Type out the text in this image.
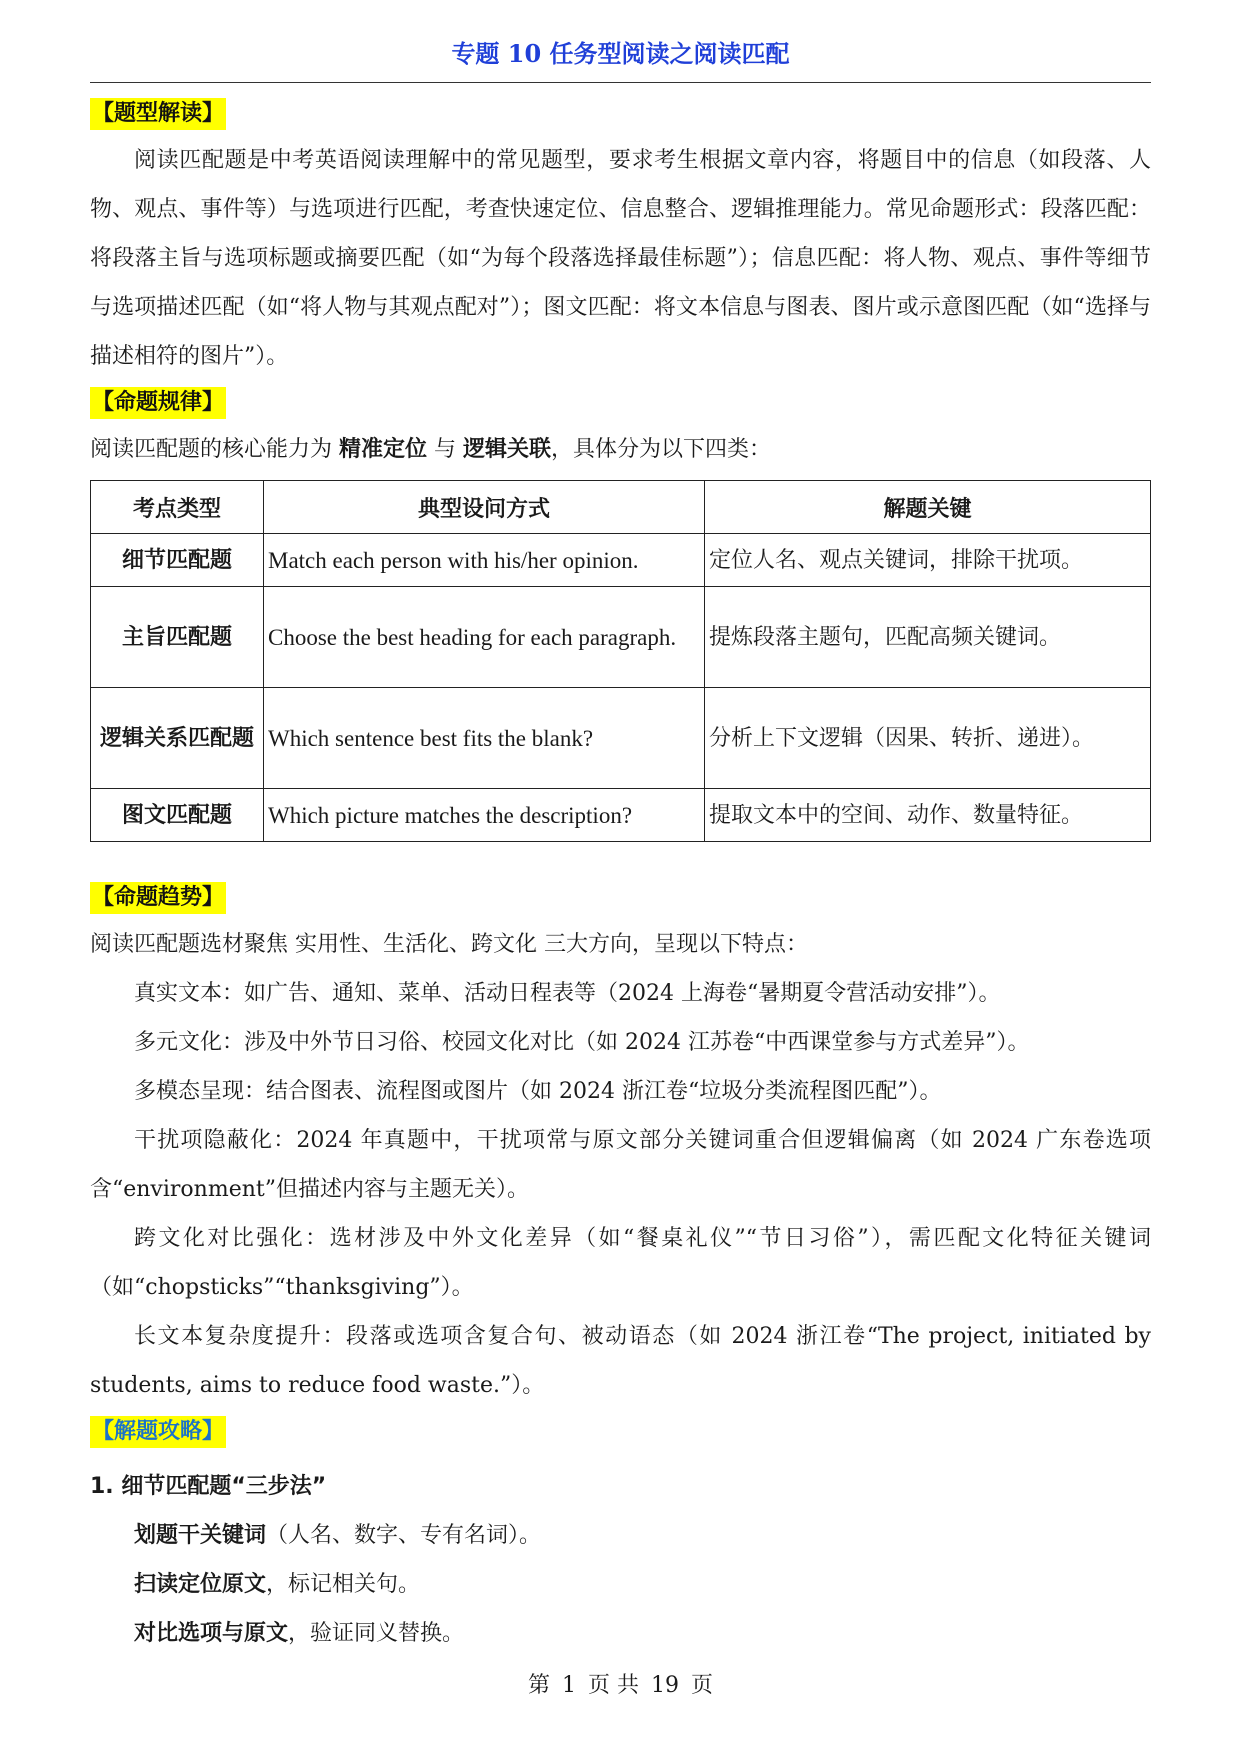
专题 10 任务型阅读之阅读匹配
【题型解读】

阅读匹配题是中考英语阅读理解中的常见题型，要求考生根据文章内容，将题目中的信息（如段落、人物、观点、事件等）与选项进行匹配，考查快速定位、信息整合、逻辑推理能力。常见命题形式：段落匹配：将段落主旨与选项标题或摘要匹配（如“为每个段落选择最佳标题”）；信息匹配：将人物、观点、事件等细节与选项描述匹配（如“将人物与其观点配对”）；图文匹配：将文本信息与图表、图片或示意图匹配（如“选择与描述相符的图片”）。

【命题规律】

阅读匹配题的核心能力为 精准定位 与 逻辑关联，具体分为以下四类：

考点类型	典型设问方式	解题关键
细节匹配题	Match each person with his/her opinion.	定位人名、观点关键词，排除干扰项。
主旨匹配题	Choose the best heading for each paragraph.	提炼段落主题句，匹配高频关键词。
逻辑关系匹配题	Which sentence best fits the blank?	分析上下文逻辑（因果、转折、递进）。
图文匹配题	Which picture matches the description?	提取文本中的空间、动作、数量特征。
【命题趋势】

阅读匹配题选材聚焦 实用性、生活化、跨文化 三大方向，呈现以下特点：

真实文本：如广告、通知、菜单、活动日程表等（2024 上海卷“暑期夏令营活动安排”）。

多元文化：涉及中外节日习俗、校园文化对比（如 2024 江苏卷“中西课堂参与方式差异”）。

多模态呈现：结合图表、流程图或图片（如 2024 浙江卷“垃圾分类流程图匹配”）。

干扰项隐蔽化：2024 年真题中，干扰项常与原文部分关键词重合但逻辑偏离（如 2024 广东卷选项含“environment”但描述内容与主题无关）。

跨文化对比强化：选材涉及中外文化差异（如“餐桌礼仪”“节日习俗”），需匹配文化特征关键词（如“chopsticks”“thanksgiving”）。

长文本复杂度提升：段落或选项含复合句、被动语态（如 2024 浙江卷“The project, initiated by students, aims to reduce food waste.”）。

【解题攻略】
1. 细节匹配题“三步法”

划题干关键词（人名、数字、专有名词）。

扫读定位原文，标记相关句。

对比选项与原文，验证同义替换。

第 1 页 共 19 页
